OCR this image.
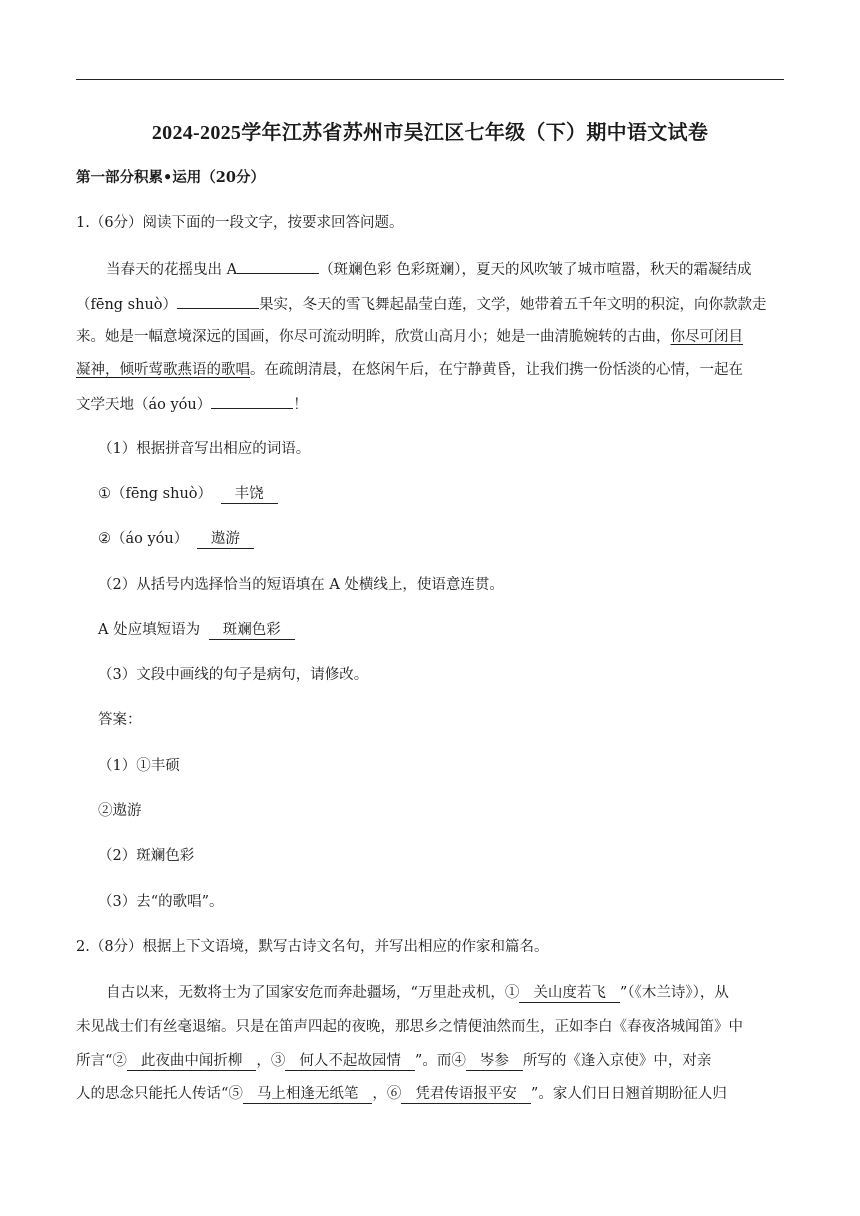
2024-2025学年江苏省苏州市吴江区七年级（下）期中语文试卷
第一部分积累•运用（20分）
1.（6分）阅读下面的一段文字，按要求回答问题。
当春天的花摇曳出 A	（斑斓色彩 色彩斑斓），夏天的风吹皱了城市喧嚣，秋天的霜凝结成
（fēng shuò）	果实，冬天的雪飞舞起晶莹白莲，文学，她带着五千年文明的积淀，向你款款走
来。她是一幅意境深远的国画，你尽可流动明眸，欣赏山高月小；她是一曲清脆婉转的古曲，你尽可闭目
凝神，倾听莺歌燕语的歌唱。在疏朗清晨，在悠闲午后，在宁静黄昏，让我们携一份恬淡的心情，一起在
文学天地（áo yóu）	！
（1）根据拼音写出相应的词语。
①（fēng shuò） 丰饶
②（áo yóu） 遨游
（2）从括号内选择恰当的短语填在 A 处横线上，使语意连贯。
A 处应填短语为 斑斓色彩
（3）文段中画线的句子是病句，请修改。
答案：
（1）①丰硕
②遨游
（2）斑斓色彩
（3）去“的歌唱”。
2.（8分）根据上下文语境，默写古诗文名句，并写出相应的作家和篇名。
自古以来，无数将士为了国家安危而奔赴疆场，“万里赴戎机，① 关山度若飞 ”（《木兰诗》），从
未见战士们有丝毫退缩。只是在笛声四起的夜晚，那思乡之情便油然而生，正如李白《春夜洛城闻笛》中
所言“② 此夜曲中闻折柳 ，③ 何人不起故园情 ”。而④ 岑参 所写的《逢入京使》中，对亲
人的思念只能托人传话“⑤ 马上相逢无纸笔 ，⑥ 凭君传语报平安 ”。家人们日日翘首期盼征人归
